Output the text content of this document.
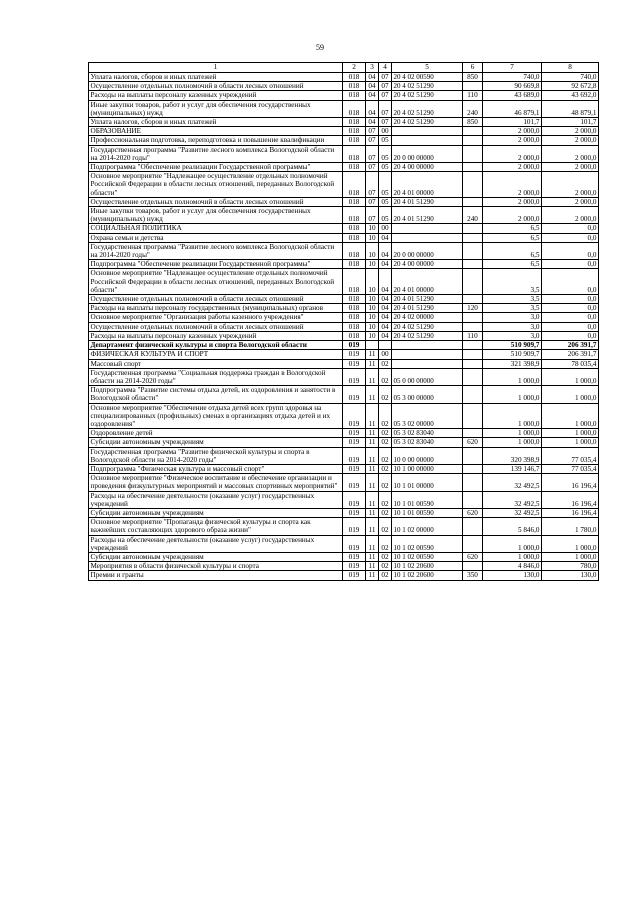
59
1	2	3	4	5	6	7	8
Уплата налогов, сборов и иных платежей	018	04	07	20 4 02 00590	850	740,0	740,0
Осуществление отдельных полномочий в области лесных отношений	018	04	07	20 4 02 51290		90 669,8	92 672,8
Расходы на выплаты персоналу казенных учреждений	018	04	07	20 4 02 51290	110	43 689,0	43 692,0
Иные закупки товаров, работ и услуг для обеспечения государственных (муниципальных) нужд	018	04	07	20 4 02 51290	240	46 879,1	48 879,1
Уплата налогов, сборов и иных платежей	018	04	07	20 4 02 51290	850	101,7	101,7
ОБРАЗОВАНИЕ	018	07	00			2 000,0	2 000,0
Профессиональная подготовка, переподготовка и повышение квалификации	018	07	05			2 000,0	2 000,0
Государственная программа "Развитие лесного комплекса Вологодской области на 2014-2020 годы"	018	07	05	20 0 00 00000		2 000,0	2 000,0
Подпрограмма "Обеспечение реализации Государственной программы"	018	07	05	20 4 00 00000		2 000,0	2 000,0
Основное мероприятие "Надлежащее осуществление отдельных полномочий Российской Федерации в области лесных отношений, переданных Вологодской области"	018	07	05	20 4 01 00000		2 000,0	2 000,0
Осуществление отдельных полномочий в области лесных отношений	018	07	05	20 4 01 51290		2 000,0	2 000,0
Иные закупки товаров, работ и услуг для обеспечения государственных (муниципальных) нужд	018	07	05	20 4 01 51290	240	2 000,0	2 000,0
СОЦИАЛЬНАЯ ПОЛИТИКА	018	10	00			6,5	0,0
Охрана семьи и детства	018	10	04			6,5	0,0
Государственная программа "Развитие лесного комплекса Вологодской области на 2014-2020 годы"	018	10	04	20 0 00 00000		6,5	0,0
Подпрограмма "Обеспечение реализации Государственной программы"	018	10	04	20 4 00 00000		6,5	0,0
Основное мероприятие "Надлежащее осуществление отдельных полномочий Российской Федерации в области лесных отношений, переданных Вологодской области"	018	10	04	20 4 01 00000		3,5	0,0
Осуществление отдельных полномочий в области лесных отношений	018	10	04	20 4 01 51290		3,5	0,0
Расходы на выплаты персоналу государственных (муниципальных) органов	018	10	04	20 4 01 51290	120	3,5	0,0
Основное мероприятие "Организация работы казенного учреждения"	018	10	04	20 4 02 00000		3,0	0,0
Осуществление отдельных полномочий в области лесных отношений	018	10	04	20 4 02 51290		3,0	0,0
Расходы на выплаты персоналу казенных учреждений	018	10	04	20 4 02 51290	110	3,0	0,0
Департамент физической культуры и спорта Вологодской области	019					510 909,7	206 391,7
ФИЗИЧЕСКАЯ КУЛЬТУРА И СПОРТ	019	11	00			510 909,7	206 391,7
Массовый спорт	019	11	02			321 398,9	78 035,4
Государственная программа "Социальная поддержка граждан в Вологодской области на 2014-2020 годы"	019	11	02	05 0 00 00000		1 000,0	1 000,0
Подпрограмма "Развитие системы отдыха детей, их оздоровления и занятости в Вологодской области"	019	11	02	05 3 00 00000		1 000,0	1 000,0
Основное мероприятие "Обеспечение отдыха детей всех групп здоровья на специализированных (профильных) сменах в организациях отдыха детей и их оздоровления"	019	11	02	05 3 02 00000		1 000,0	1 000,0
Оздоровление детей	019	11	02	05 3 02 83040		1 000,0	1 000,0
Субсидии автономным учреждениям	019	11	02	05 3 02 83040	620	1 000,0	1 000,0
Государственная программа "Развитие физической культуры и спорта в Вологодской области на 2014-2020 годы"	019	11	02	10 0 00 00000		320 398,9	77 035,4
Подпрограмма "Физическая культура и массовый спорт"	019	11	02	10 1 00 00000		139 146,7	77 035,4
Основное мероприятие "Физическое воспитание и обеспечение организации и проведения физкультурных мероприятий и массовых спортивных мероприятий"	019	11	02	10 1 01 00000		32 492,5	16 196,4
Расходы на обеспечение деятельности (оказание услуг) государственных учреждений	019	11	02	10 1 01 00590		32 492,5	16 196,4
Субсидии автономным учреждениям	019	11	02	10 1 01 00590	620	32 492,5	16 196,4
Основное мероприятие "Пропаганда физической культуры и спорта как важнейших составляющих здорового образа жизни"	019	11	02	10 1 02 00000		5 846,0	1 780,0
Расходы на обеспечение деятельности (оказание услуг) государственных учреждений	019	11	02	10 1 02 00590		1 000,0	1 000,0
Субсидии автономным учреждениям	019	11	02	10 1 02 00590	620	1 000,0	1 000,0
Мероприятия в области физической культуры и спорта	019	11	02	10 1 02 20600		4 846,0	780,0
Премии и гранты	019	11	02	10 1 02 20600	350	130,0	130,0
